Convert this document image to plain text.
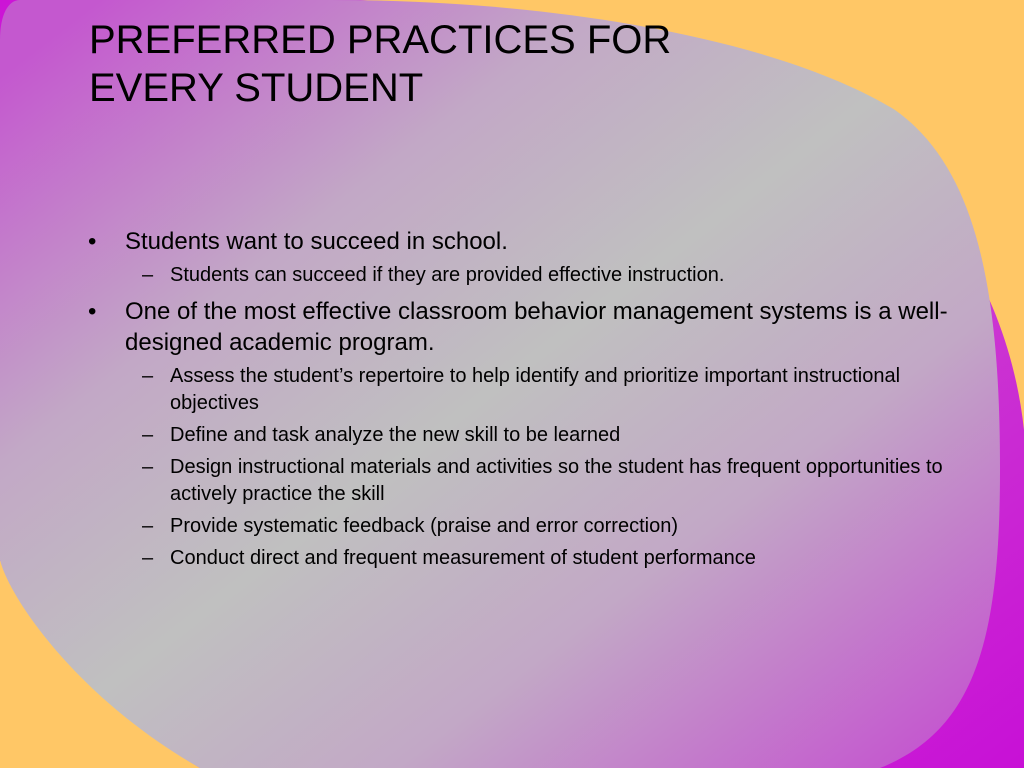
PREFERRED PRACTICES FOR
EVERY STUDENT
• Students want to succeed in school.
– Students can succeed if they are provided effective instruction.
• One of the most effective classroom behavior management systems is a well-designed academic program.
– Assess the student’s repertoire to help identify and prioritize important instructional objectives
– Define and task analyze the new skill to be learned
– Design instructional materials and activities so the student has frequent opportunities to actively practice the skill
– Provide systematic feedback (praise and error correction)
– Conduct direct and frequent measurement of student performance
